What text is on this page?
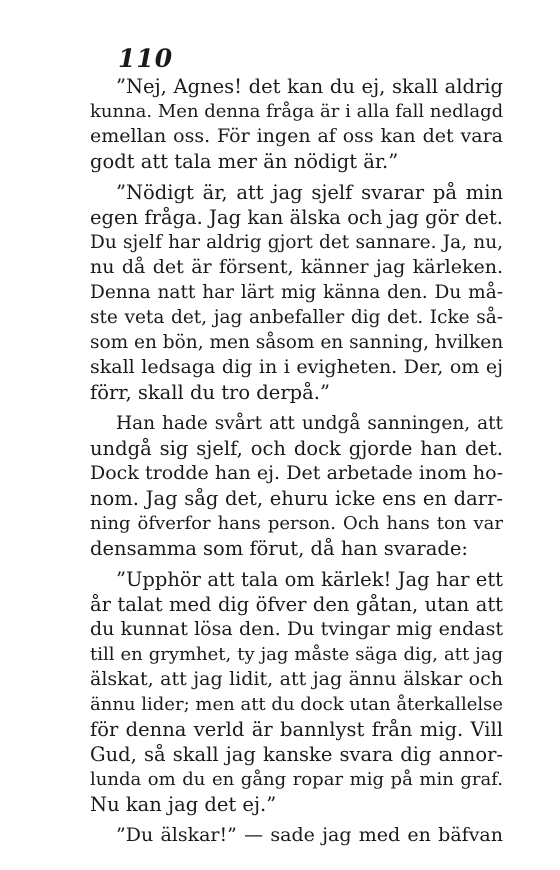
110
”Nej, Agnes! det kan du ej, skall aldrig
kunna. Men denna fråga är i alla fall nedlagd
emellan oss. För ingen af oss kan det vara
godt att tala mer än nödigt är.”
”Nödigt är, att jag sjelf svarar på min
egen fråga. Jag kan älska och jag gör det.
Du sjelf har aldrig gjort det sannare. Ja, nu,
nu då det är försent, känner jag kärleken.
Denna natt har lärt mig känna den. Du må-
ste veta det, jag anbefaller dig det. Icke så-
som en bön, men såsom en sanning, hvilken
skall ledsaga dig in i evigheten. Der, om ej
förr, skall du tro derpå.”
Han hade svårt att undgå sanningen, att
undgå sig sjelf, och dock gjorde han det.
Dock trodde han ej. Det arbetade inom ho-
nom. Jag såg det, ehuru icke ens en darr-
ning öfverfor hans person. Och hans ton var
densamma som förut, då han svarade:
”Upphör att tala om kärlek! Jag har ett
år talat med dig öfver den gåtan, utan att
du kunnat lösa den. Du tvingar mig endast
till en grymhet, ty jag måste säga dig, att jag
älskat, att jag lidit, att jag ännu älskar och
ännu lider; men att du dock utan återkallelse
för denna verld är bannlyst från mig. Vill
Gud, så skall jag kanske svara dig annor-
lunda om du en gång ropar mig på min graf.
Nu kan jag det ej.”
”Du älskar!” — sade jag med en bäfvan
